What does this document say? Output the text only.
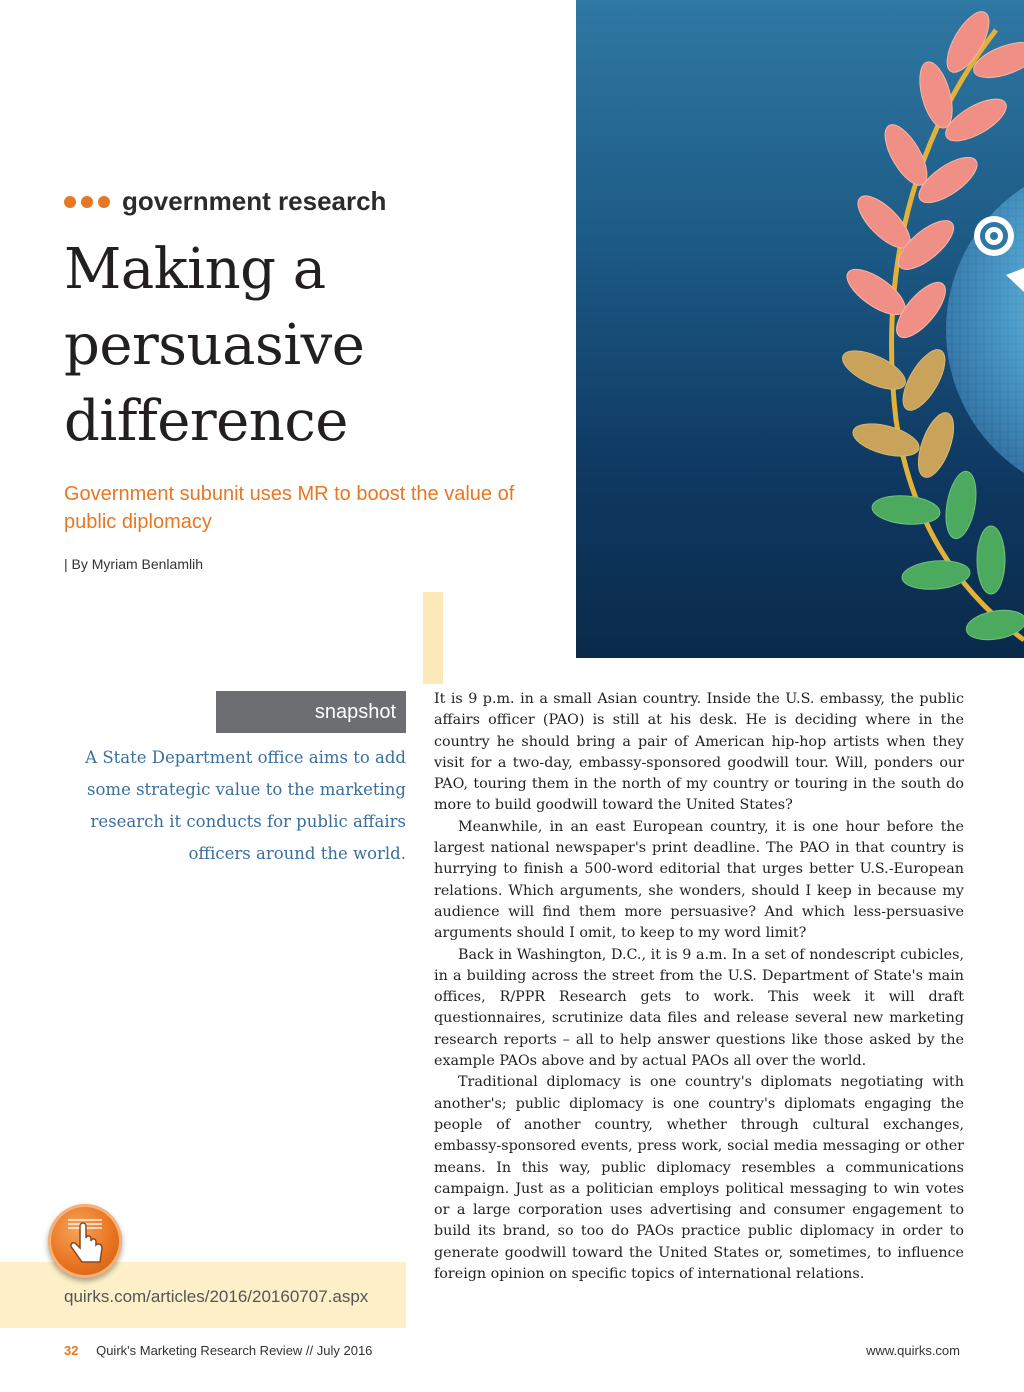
government research
Making a persuasive difference

Government subunit uses MR to boost the value of public diplomacy

| By Myriam Benlamlih

snapshot

A State Department office aims to add some strategic value to the marketing research it conducts for public affairs officers around the world.

quirks.com/articles/2016/20160707.aspx

It is 9 p.m. in a small Asian country. Inside the U.S. embassy, the public affairs officer (PAO) is still at his desk. He is deciding where in the country he should bring a pair of American hip-hop artists when they visit for a two-day, embassy-sponsored goodwill tour. Will, ponders our PAO, touring them in the north of my country or touring in the south do more to build goodwill toward the United States?

Meanwhile, in an east European country, it is one hour before the largest national newspaper's print deadline. The PAO in that country is hurrying to finish a 500-word editorial that urges better U.S.-European relations. Which arguments, she wonders, should I keep in because my audience will find them more persuasive? And which less-persuasive arguments should I omit, to keep to my word limit?

Back in Washington, D.C., it is 9 a.m. In a set of nondescript cubicles, in a building across the street from the U.S. Department of State's main offices, R/PPR Research gets to work. This week it will draft questionnaires, scrutinize data files and release several new marketing research reports – all to help answer questions like those asked by the example PAOs above and by actual PAOs all over the world.

Traditional diplomacy is one country's diplomats negotiating with another's; public diplomacy is one country's diplomats engaging the people of another country, whether through cultural exchanges, embassy-sponsored events, press work, social media messaging or other means. In this way, public diplomacy resembles a communications campaign. Just as a politician employs political messaging to win votes or a large corporation uses advertising and consumer engagement to build its brand, so too do PAOs practice public diplomacy in order to generate goodwill toward the United States or, sometimes, to influence foreign opinion on specific topics of international relations.

32 Quirk's Marketing Research Review // July 2016	www.quirks.com
